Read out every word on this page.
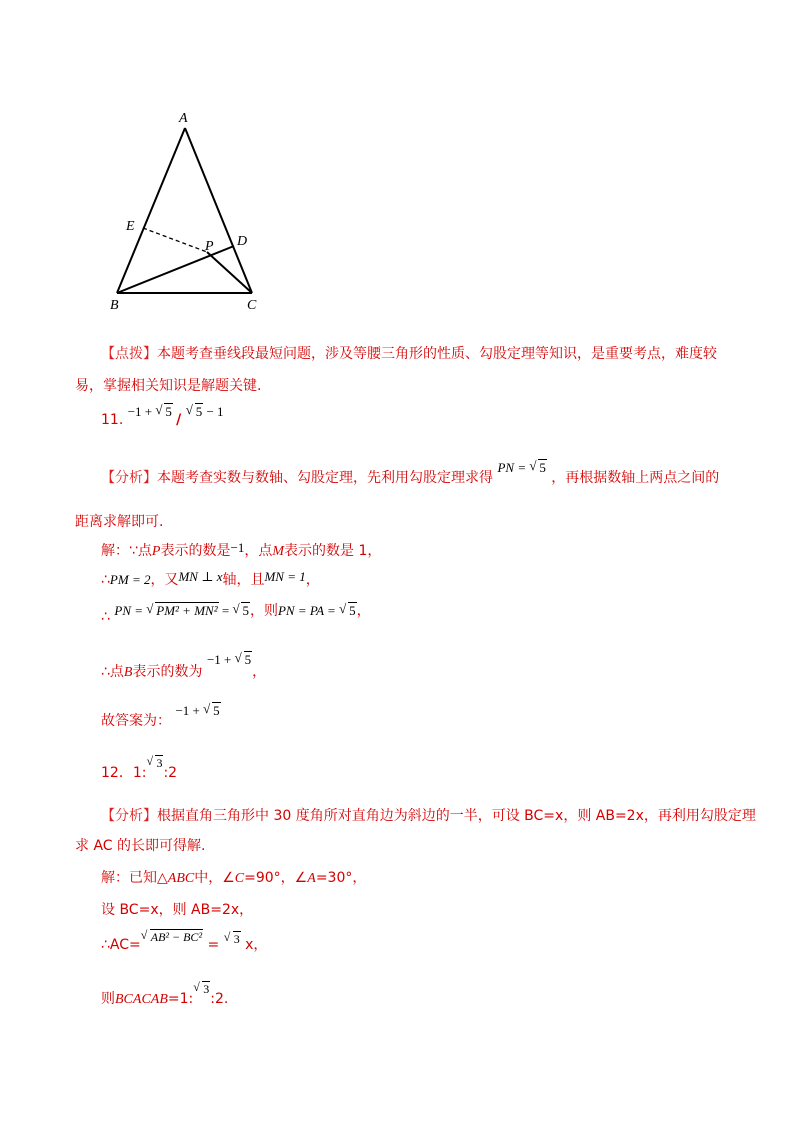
A
E
D
P
B	C
【点拨】本题考查垂线段最短问题，涉及等腰三角形的性质、勾股定理等知识，是重要考点，难度较
易，掌握相关知识是解题关键.
11. −1 + √ 5 /
√ 5 − 1
【分析】本题考查实数与数轴、勾股定理，先利用勾股定理求得 PN = √ 5 ，再根据数轴上两点之间的
距离求解即可.
解：∵点P表示的数是−1，点M表示的数是 1，
∴PM = 2，又MN ⊥ x轴，且MN = 1，
∴ PN = √ PM² + MN² = √ 5，则PN = PA = √ 5，
∴点B表示的数为 −1 + √ 5，
故答案为： −1 + √ 5
12．1:
√ 3:2
【分析】根据直角三角形中 30 度角所对直角边为斜边的一半，可设 BC=x，则 AB=2x，再利用勾股定理
求 AC 的长即可得解.
解：已知△ABC中，∠C=90°，∠A=30°，
设 BC=x，则 AB=2x，
∴AC=
√ AB² − BC² = √ 3 x，
则BCACAB=1:
√ 3:2.
